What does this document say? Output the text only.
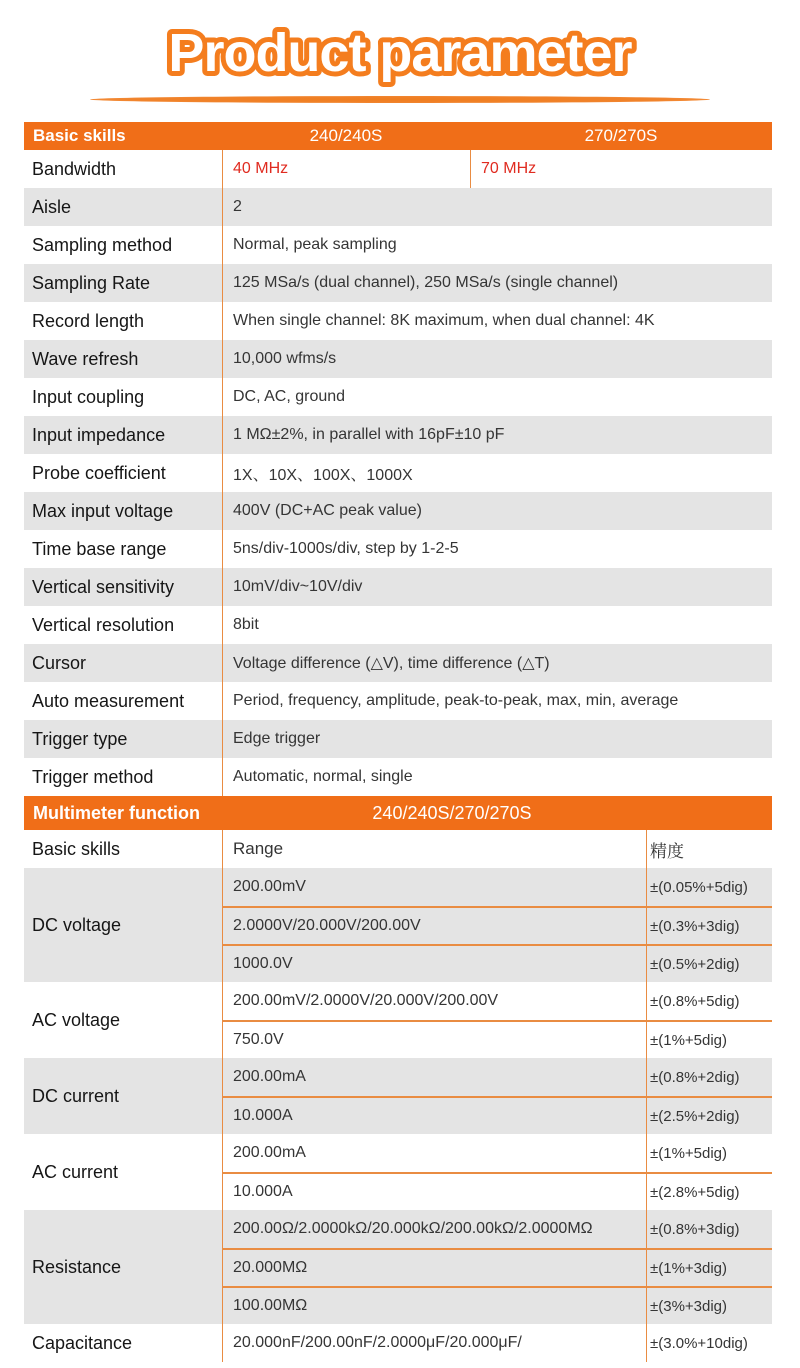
Product parameter
Basic skills	240/240S	270/270S
Bandwidth	40 MHz	70 MHz
Aisle	2
Sampling method	Normal, peak sampling
Sampling Rate	125 MSa/s (dual channel), 250 MSa/s (single channel)
Record length	When single channel: 8K maximum, when dual channel: 4K
Wave refresh	10,000 wfms/s
Input coupling	DC, AC, ground
Input impedance	1 MΩ±2%, in parallel with 16pF±10 pF
Probe coefficient	1X、10X、100X、1000X
Max input voltage	400V (DC+AC peak value)
Time base range	5ns/div-1000s/div, step by 1-2-5
Vertical sensitivity	10mV/div~10V/div
Vertical resolution	8bit
Cursor	Voltage difference (△V), time difference (△T)
Auto measurement	Period, frequency, amplitude, peak-to-peak, max, min, average
Trigger type	Edge trigger
Trigger method	Automatic, normal, single
Multimeter function	240/240S/270/270S
Basic skills	Range	精度
DC voltage
200.00mV	±(0.05%+5dig)
2.0000V/20.000V/200.00V	±(0.3%+3dig)
1000.0V	±(0.5%+2dig)
AC voltage
200.00mV/2.0000V/20.000V/200.00V	±(0.8%+5dig)
750.0V	±(1%+5dig)
DC current
200.00mA	±(0.8%+2dig)
10.000A	±(2.5%+2dig)
AC current
200.00mA	±(1%+5dig)
10.000A	±(2.8%+5dig)
Resistance
200.00Ω/2.0000kΩ/20.000kΩ/200.00kΩ/2.0000MΩ	±(0.8%+3dig)
20.000MΩ	±(1%+3dig)
100.00MΩ	±(3%+3dig)
Capacitance	20.000nF/200.00nF/2.0000μF/20.000μF/	±(3.0%+10dig)
